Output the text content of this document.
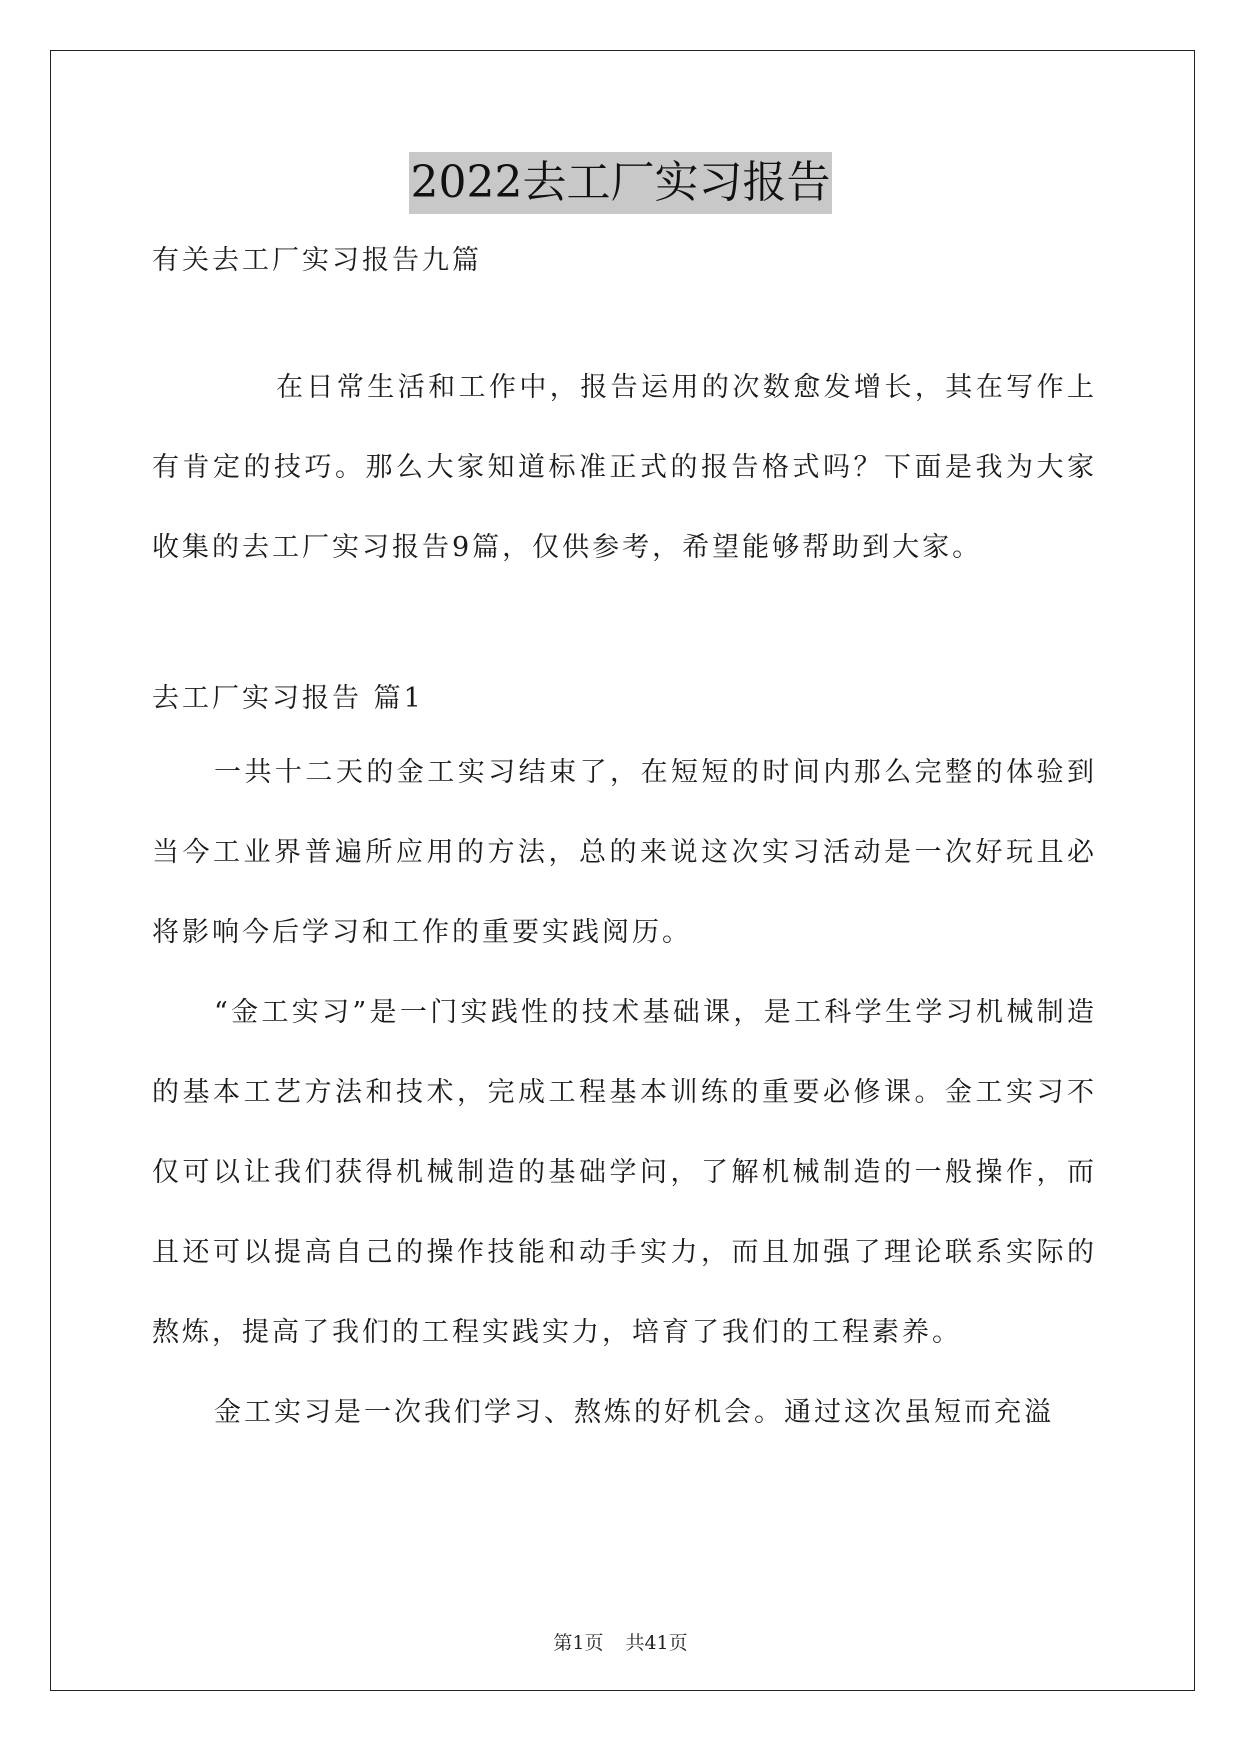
2022去工厂实习报告
有关去工厂实习报告九篇

在日常生活和工作中，报告运用的次数愈发增长，其在写作上有肯定的技巧。那么大家知道标准正式的报告格式吗？下面是我为大家收集的去工厂实习报告9篇，仅供参考，希望能够帮助到大家。

去工厂实习报告 篇1

一共十二天的金工实习结束了，在短短的时间内那么完整的体验到当今工业界普遍所应用的方法，总的来说这次实习活动是一次好玩且必将影响今后学习和工作的重要实践阅历。

“金工实习”是一门实践性的技术基础课，是工科学生学习机械制造的基本工艺方法和技术，完成工程基本训练的重要必修课。金工实习不仅可以让我们获得机械制造的基础学问，了解机械制造的一般操作，而且还可以提高自己的操作技能和动手实力，而且加强了理论联系实际的熬炼，提高了我们的工程实践实力，培育了我们的工程素养。

金工实习是一次我们学习、熬炼的好机会。通过这次虽短而充溢

第1页 共41页
